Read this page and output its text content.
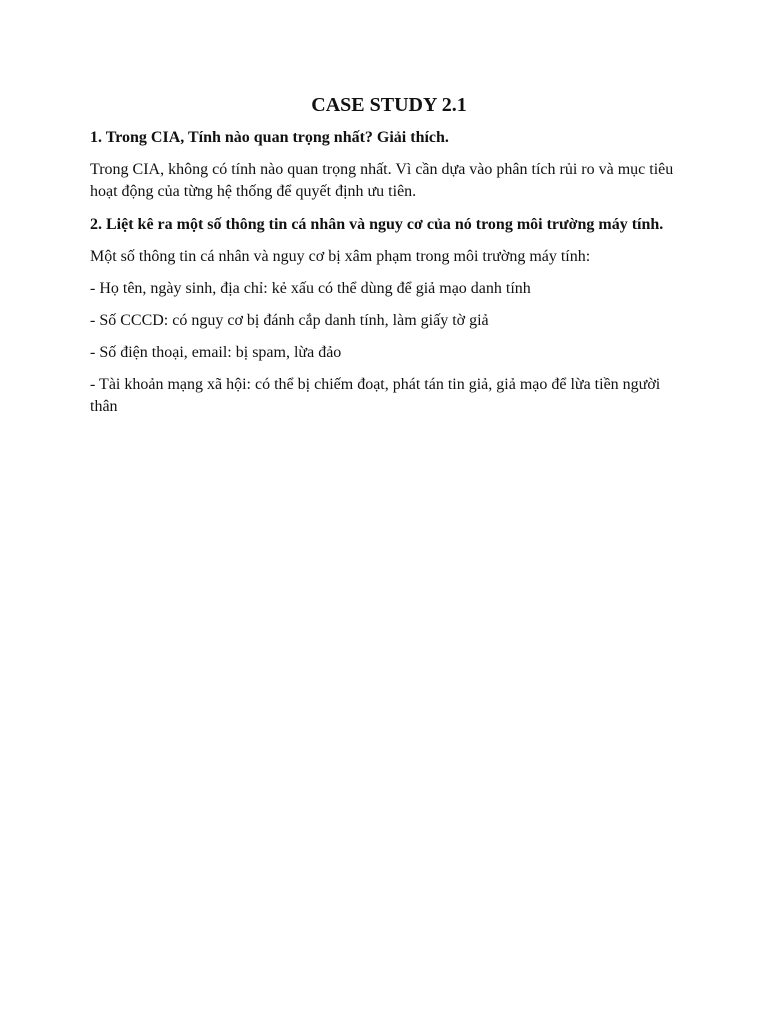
CASE STUDY 2.1
1. Trong CIA, Tính nào quan trọng nhất? Giải thích.
Trong CIA, không có tính nào quan trọng nhất. Vì cần dựa vào phân tích rủi ro và mục tiêu hoạt động của từng hệ thống để quyết định ưu tiên.
2. Liệt kê ra một số thông tin cá nhân và nguy cơ của nó trong môi trường máy tính.
Một số thông tin cá nhân và nguy cơ bị xâm phạm trong môi trường máy tính:
- Họ tên, ngày sinh, địa chỉ: kẻ xấu có thể dùng để giả mạo danh tính
- Số CCCD: có nguy cơ bị đánh cắp danh tính, làm giấy tờ giả
- Số điện thoại, email: bị spam, lừa đảo
- Tài khoản mạng xã hội: có thể bị chiếm đoạt, phát tán tin giả, giả mạo để lừa tiền người thân
